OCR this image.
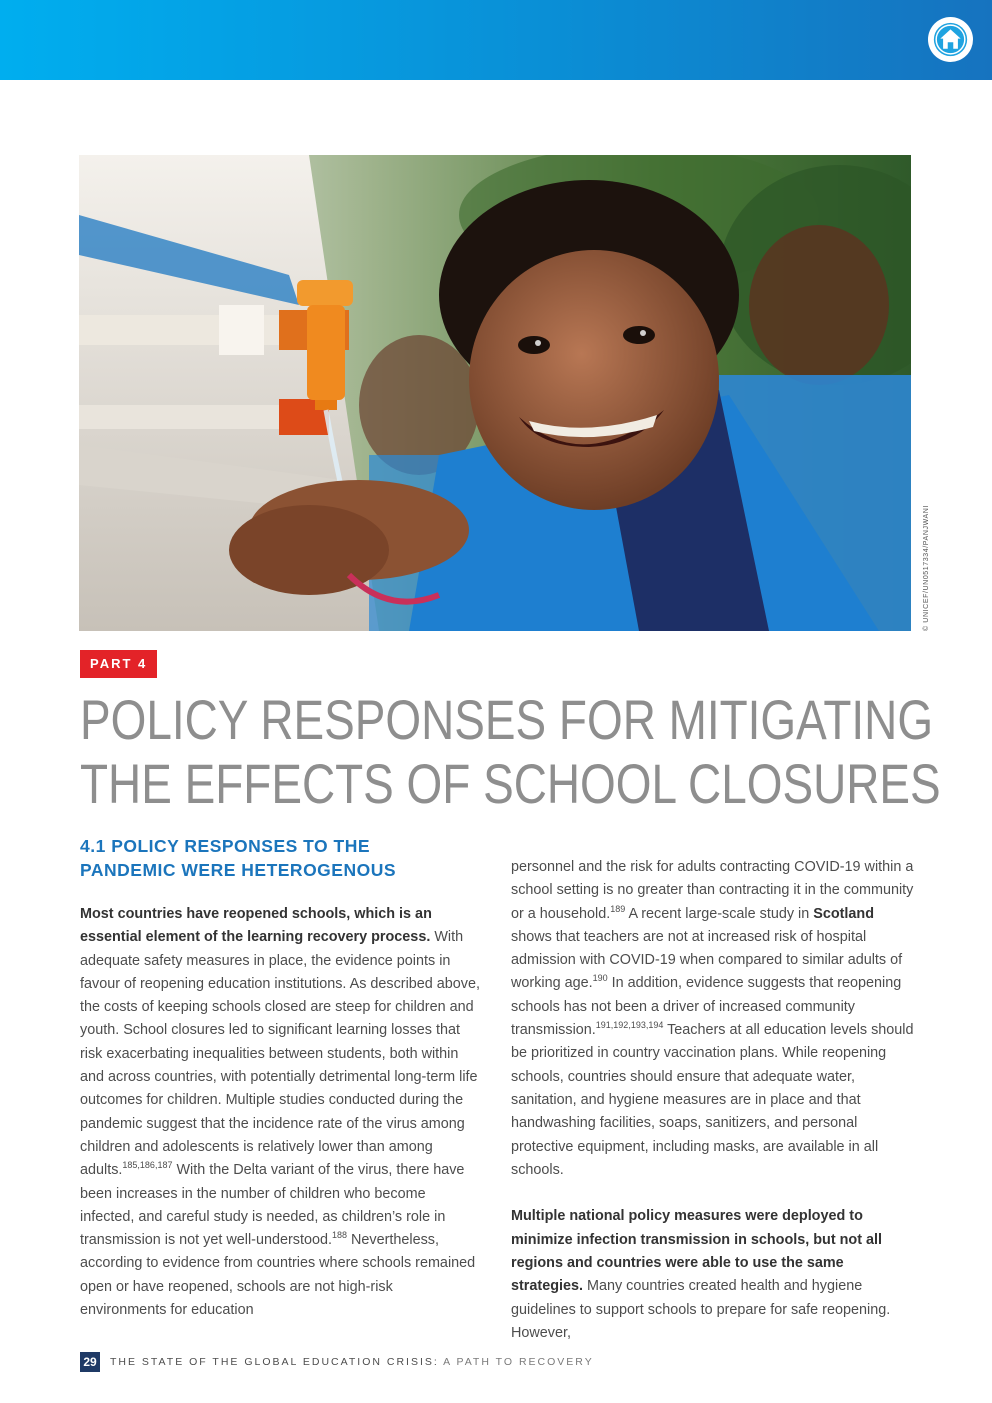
© UNICEF/UN0517334/PANJWANI
PART 4
POLICY RESPONSES FOR MITIGATING
THE EFFECTS OF SCHOOL CLOSURES
4.1 POLICY RESPONSES TO THE
PANDEMIC WERE HETEROGENOUS

Most countries have reopened schools, which is an essential element of the learning recovery process. With adequate safety measures in place, the evidence points in favour of reopening education institutions. As described above, the costs of keeping schools closed are steep for children and youth. School closures led to significant learning losses that risk exacerbating inequalities between students, both within and across countries, with potentially detrimental long-term life outcomes for children. Multiple studies conducted during the pandemic suggest that the incidence rate of the virus among children and adolescents is relatively lower than among adults.$^{185,186,187}$ With the Delta variant of the virus, there have been increases in the number of children who become infected, and careful study is needed, as children’s role in transmission is not yet well-understood.$^{188}$ Nevertheless, according to evidence from countries where schools remained open or have reopened, schools are not high-risk environments for education

personnel and the risk for adults contracting COVID-19 within a school setting is no greater than contracting it in the community or a household.$^{189}$ A recent large-scale study in Scotland shows that teachers are not at increased risk of hospital admission with COVID-19 when compared to similar adults of working age.$^{190}$ In addition, evidence suggests that reopening schools has not been a driver of increased community transmission.$^{191,192,193,194}$ Teachers at all education levels should be prioritized in country vaccination plans. While reopening schools, countries should ensure that adequate water, sanitation, and hygiene measures are in place and that handwashing facilities, soaps, sanitizers, and personal protective equipment, including masks, are available in all schools.

Multiple national policy measures were deployed to minimize infection transmission in schools, but not all regions and countries were able to use the same strategies. Many countries created health and hygiene guidelines to support schools to prepare for safe reopening. However,

29	THE STATE OF THE GLOBAL EDUCATION CRISIS: A PATH TO RECOVERY
